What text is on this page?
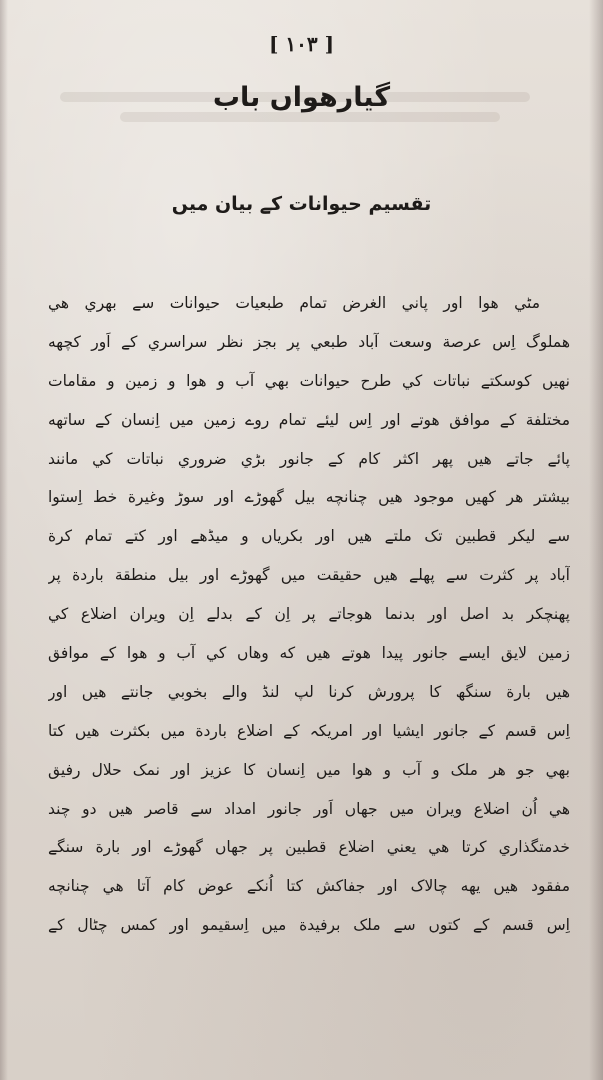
[ ۱۰۳ ]
گیارهواں باب
تقسیم حیوانات کے بیان میں
مٹي هوا اور پاني الغرض تمام طبعيات حيوانات سے بھري هي
هملوگ اِس عرصة وسعت آباد طبعي پر بجز نظر سراسري کے اَور کچھه
نهيں کوسکتے نباتات کي طرح حيوانات بھي آب و هوا و زمين و مقامات
مختلفة کے موافق هوتے اور اِس ليئے تمام روے زمين ميں اِنسان کے ساتھه
پائے جاتے هيں پھر اکثر کام کے جانور بڑي ضروري نباتات کي مانند
بيشتر هر کهيں موجود هيں چنانچه بيل گھوڑے اور سوڑ وغيرة خط اِستوا
سے ليکر قطبين تک ملتے هيں اور بکرياں و ميڈھے اور کتے تمام کرة
آباد پر کثرت سے پهلے هيں حقيقت ميں گھوڑے اور بيل منطقة باردة پر
پهنچکر بد اصل اور بدنما هوجاتے پر اِن کے بدلے اِن ويران اضلاع کي
زمين لايق ايسے جانور پيدا هوتے هيں که وهاں کي آب و هوا کے موافق
هيں بارة سنگھ کا پرورش کرنا لپ لنڈ والے بخوبي جانتے هيں اور
اِس قسم کے جانور ايشيا اور امريکہ کے اضلاع باردة ميں بکثرت هيں کتا
بھي جو هر ملک و آب و هوا ميں اِنسان کا عزيز اور نمک حلال رفيق
هي اُن اضلاع ويران ميں جهاں اَور جانور امداد سے قاصر هيں دو چند
خدمتگذاري کرتا هي يعني اضلاع قطبين پر جهاں گھوڑے اور بارة سنگے
مفقود هيں يهه چالاک اور جفاکش کتا اُنکے عوض کام آتا هي چنانچه
اِس قسم کے کتوں سے ملک برفيدة ميں اِسقيمو اور کمس چٹال کے
